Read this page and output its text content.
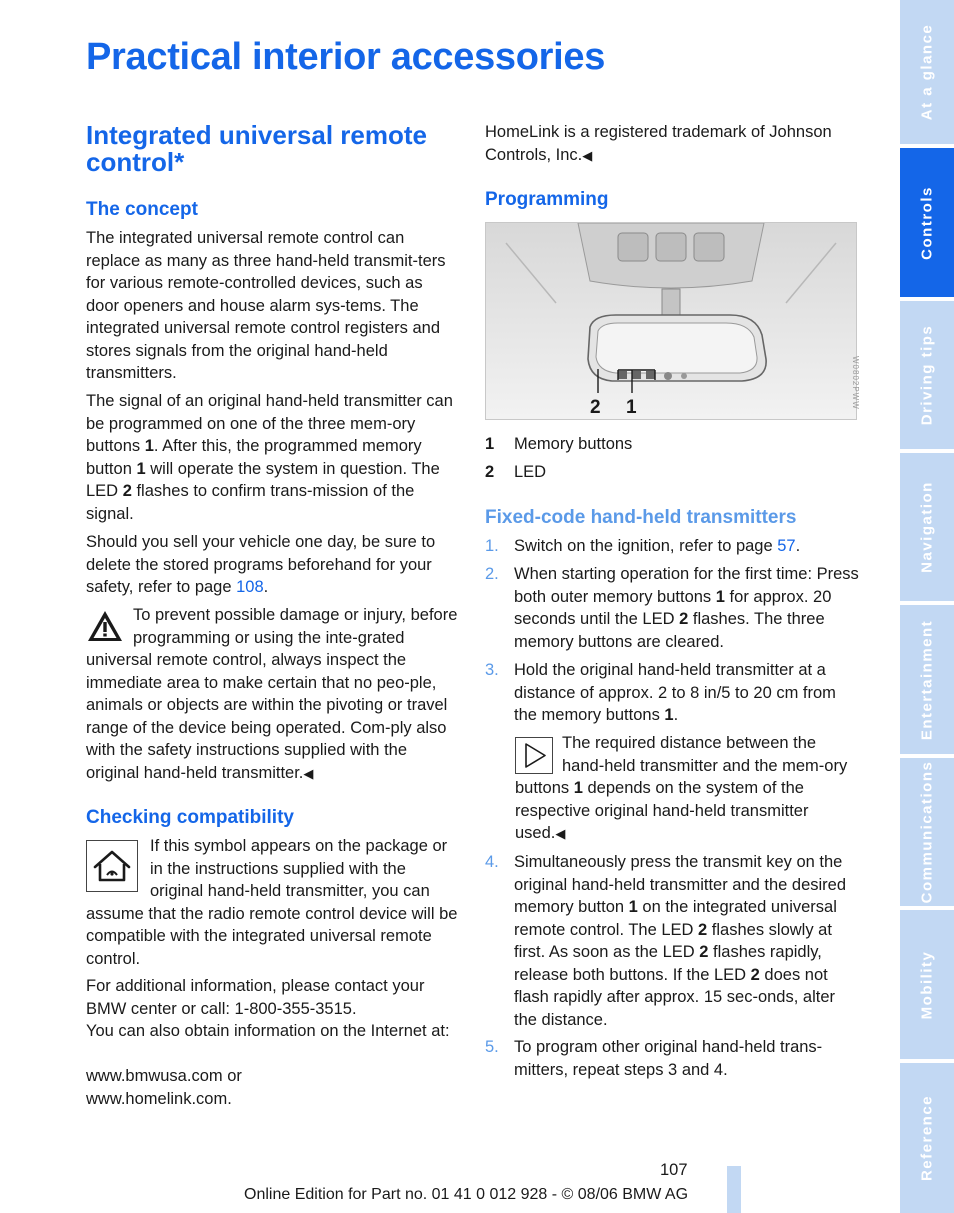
Practical interior accessories
Integrated universal remote control*
The concept
The integrated universal remote control can replace as many as three hand-held transmit-ters for various remote-controlled devices, such as door openers and house alarm sys-tems. The integrated universal remote control registers and stores signals from the original hand-held transmitters.
The signal of an original hand-held transmitter can be programmed on one of the three mem-ory buttons 1. After this, the programmed memory button 1 will operate the system in question. The LED 2 flashes to confirm trans-mission of the signal.
Should you sell your vehicle one day, be sure to delete the stored programs beforehand for your safety, refer to page 108.
To prevent possible damage or injury, before programming or using the inte-grated universal remote control, always inspect the immediate area to make certain that no peo-ple, animals or objects are within the pivoting or travel range of the device being operated. Com-ply also with the safety instructions supplied with the original hand-held transmitter.◀
Checking compatibility
If this symbol appears on the package or in the instructions supplied with the original hand-held transmitter, you can assume that the radio remote control device will be compatible with the integrated universal remote control.
For additional information, please contact your BMW center or call: 1-800-355-3515.
You can also obtain information on the Internet at:
www.bmwusa.com or
www.homelink.com.
HomeLink is a registered trademark of Johnson Controls, Inc.◀
Programming
2 1	W0802PWW
1 Memory buttons
2 LED
Fixed-code hand-held transmitters
1. Switch on the ignition, refer to page 57.
2. When starting operation for the first time: Press both outer memory buttons 1 for approx. 20 seconds until the LED 2 flashes. The three memory buttons are cleared.
3. Hold the original hand-held transmitter at a distance of approx. 2 to 8 in/5 to 20 cm from the memory buttons 1.
The required distance between the hand-held transmitter and the mem-ory buttons 1 depends on the system of the respective original hand-held transmitter used.◀
4. Simultaneously press the transmit key on the original hand-held transmitter and the desired memory button 1 on the integrated universal remote control. The LED 2 flashes slowly at first. As soon as the LED 2 flashes rapidly, release both buttons. If the LED 2 does not flash rapidly after approx. 15 sec-onds, alter the distance.
5. To program other original hand-held trans-mitters, repeat steps 3 and 4.
107
Online Edition for Part no. 01 41 0 012 928 - © 08/06 BMW AG
At a glance
Controls
Driving tips
Navigation
Entertainment
Communications
Mobility
Reference
